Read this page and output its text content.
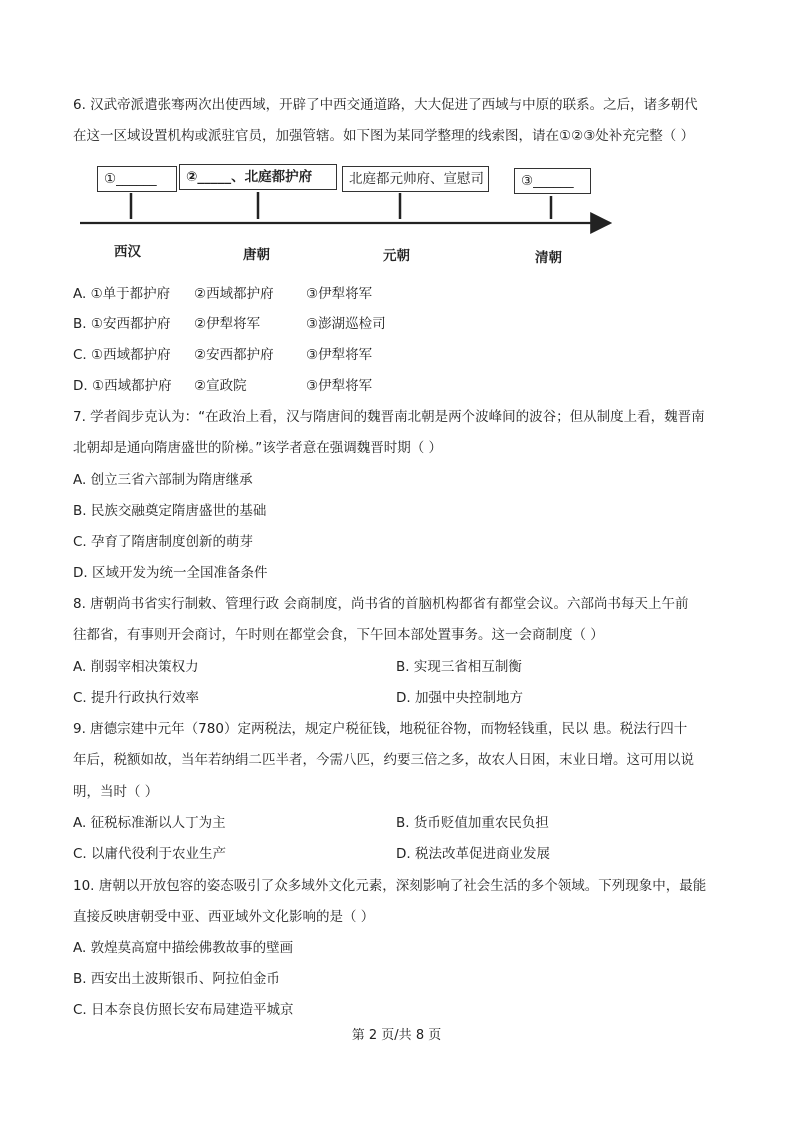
6. 汉武帝派遣张骞两次出使西域，开辟了中西交通道路，大大促进了西域与中原的联系。之后，诸多朝代
在这一区域设置机构或派驻官员，加强管辖。如下图为某同学整理的线索图，请在①②③处补充完整（ ）
①______	②_____、北庭都护府	北庭都元帅府、宣慰司	③______
西汉	唐朝	元朝	清朝
A. ①单于都护府 ②西域都护府 ③伊犁将军
B. ①安西都护府 ②伊犁将军	③澎湖巡检司
C. ①西域都护府 ②安西都护府 ③伊犁将军
D. ①西域都护府 ②宣政院	③伊犁将军
7. 学者阎步克认为：“在政治上看，汉与隋唐间的魏晋南北朝是两个波峰间的波谷；但从制度上看，魏晋南
北朝却是通向隋唐盛世的阶梯。”该学者意在强调魏晋时期（ ）
A. 创立三省六部制为隋唐继承
B. 民族交融奠定隋唐盛世的基础
C. 孕育了隋唐制度创新的萌芽
D. 区域开发为统一全国准备条件
8. 唐朝尚书省实行制敕、管理行政 会商制度，尚书省的首脑机构都省有都堂会议。六部尚书每天上午前
往都省，有事则开会商讨，午时则在都堂会食，下午回本部处置事务。这一会商制度（ ）
A. 削弱宰相决策权力	B. 实现三省相互制衡
C. 提升行政执行效率	D. 加强中央控制地方
9. 唐德宗建中元年（780）定两税法，规定户税征钱，地税征谷物，而物轻钱重，民以 患。税法行四十
年后，税额如故，当年若纳绢二匹半者，今需八匹，约要三倍之多，故农人日困，末业日增。这可用以说
明，当时（ ）
A. 征税标准渐以人丁为主	B. 货币贬值加重农民负担
C. 以庸代役利于农业生产	D. 税法改革促进商业发展
10. 唐朝以开放包容的姿态吸引了众多域外文化元素，深刻影响了社会生活的多个领域。下列现象中，最能
直接反映唐朝受中亚、西亚域外文化影响的是（ ）
A. 敦煌莫高窟中描绘佛教故事的壁画
B. 西安出土波斯银币、阿拉伯金币
C. 日本奈良仿照长安布局建造平城京
第 2 页/共 8 页
